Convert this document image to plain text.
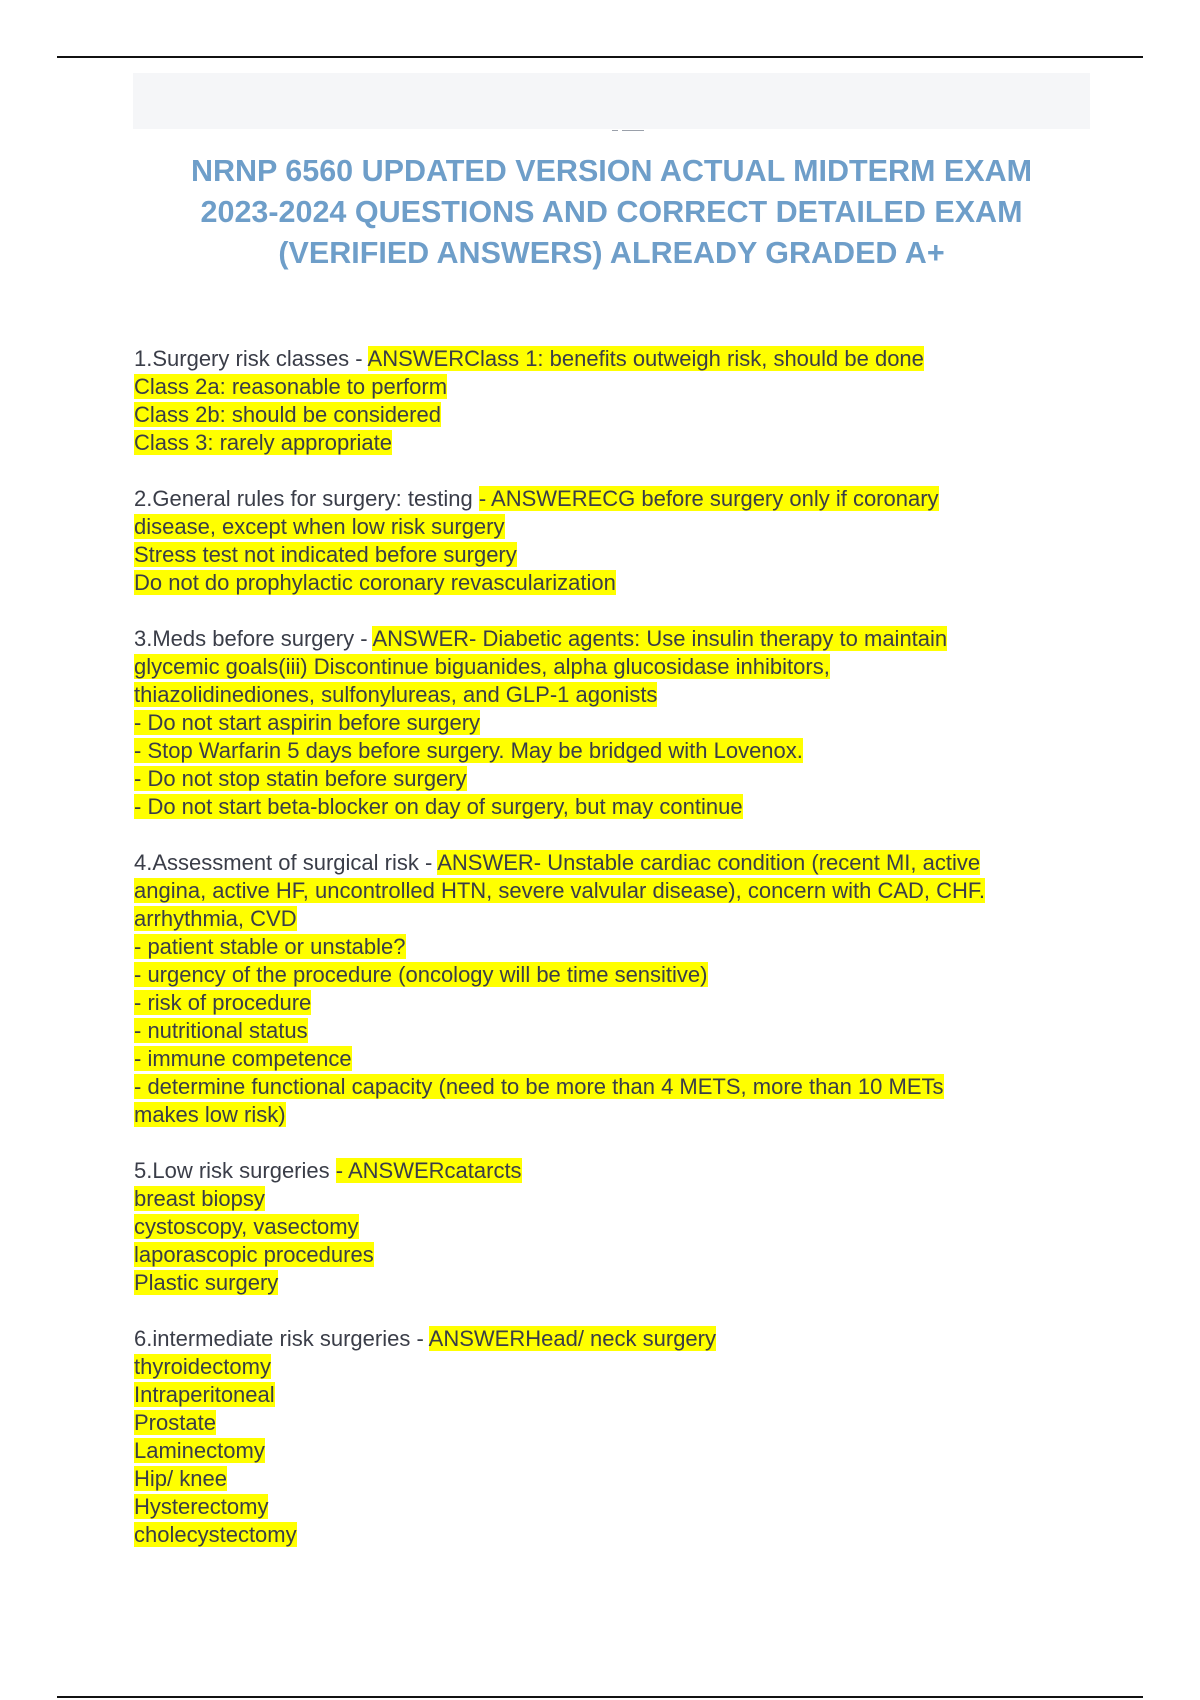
NRNP 6560 UPDATED VERSION ACTUAL MIDTERM EXAM
2023-2024 QUESTIONS AND CORRECT DETAILED EXAM
(VERIFIED ANSWERS) ALREADY GRADED A+

1.Surgery risk classes - ANSWERClass 1: benefits outweigh risk, should be done

Class 2a: reasonable to perform

Class 2b: should be considered

Class 3: rarely appropriate

2.General rules for surgery: testing - ANSWERECG before surgery only if coronary

disease, except when low risk surgery

Stress test not indicated before surgery

Do not do prophylactic coronary revascularization

3.Meds before surgery - ANSWER- Diabetic agents: Use insulin therapy to maintain

glycemic goals(iii) Discontinue biguanides, alpha glucosidase inhibitors,

thiazolidinediones, sulfonylureas, and GLP-1 agonists

- Do not start aspirin before surgery

- Stop Warfarin 5 days before surgery. May be bridged with Lovenox.

- Do not stop statin before surgery

- Do not start beta-blocker on day of surgery, but may continue

4.Assessment of surgical risk - ANSWER- Unstable cardiac condition (recent MI, active

angina, active HF, uncontrolled HTN, severe valvular disease), concern with CAD, CHF.

arrhythmia, CVD

- patient stable or unstable?

- urgency of the procedure (oncology will be time sensitive)

- risk of procedure

- nutritional status

- immune competence

- determine functional capacity (need to be more than 4 METS, more than 10 METs

makes low risk)

5.Low risk surgeries - ANSWERcatarcts

breast biopsy

cystoscopy, vasectomy

laporascopic procedures

Plastic surgery

6.intermediate risk surgeries - ANSWERHead/ neck surgery

thyroidectomy

Intraperitoneal

Prostate

Laminectomy

Hip/ knee

Hysterectomy

cholecystectomy
